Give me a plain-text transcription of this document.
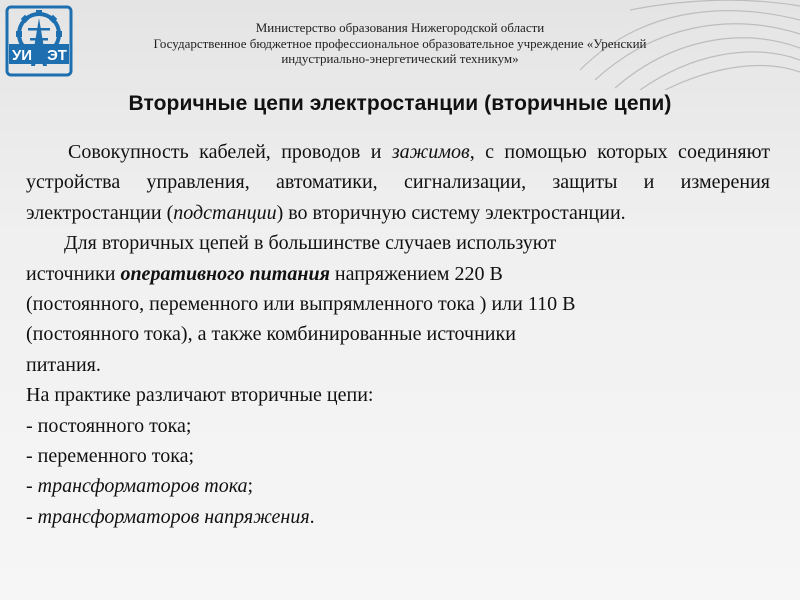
УИ ЭТ
Министерство образования Нижегородской области
Государственное бюджетное профессиональное образовательное учреждение «Уренский
индустриально-энергетический техникум»
Вторичные цепи электростанции (вторичные цепи)
Совокупность кабелей, проводов и зажимов, с помощью которых соединяют устройства управления, автоматики, сигнализации, защиты и измерения электростанции (подстанции) во вторичную систему электростанции.
Для вторичных цепей в большинстве случаев используют
источники оперативного питания напряжением 220 В
(постоянного, переменного или выпрямленного тока ) или 110 В
(постоянного тока), а также комбинированные источники
питания.
На практике различают вторичные цепи:
- постоянного тока;
- переменного тока;
- трансформаторов тока;
- трансформаторов напряжения.
